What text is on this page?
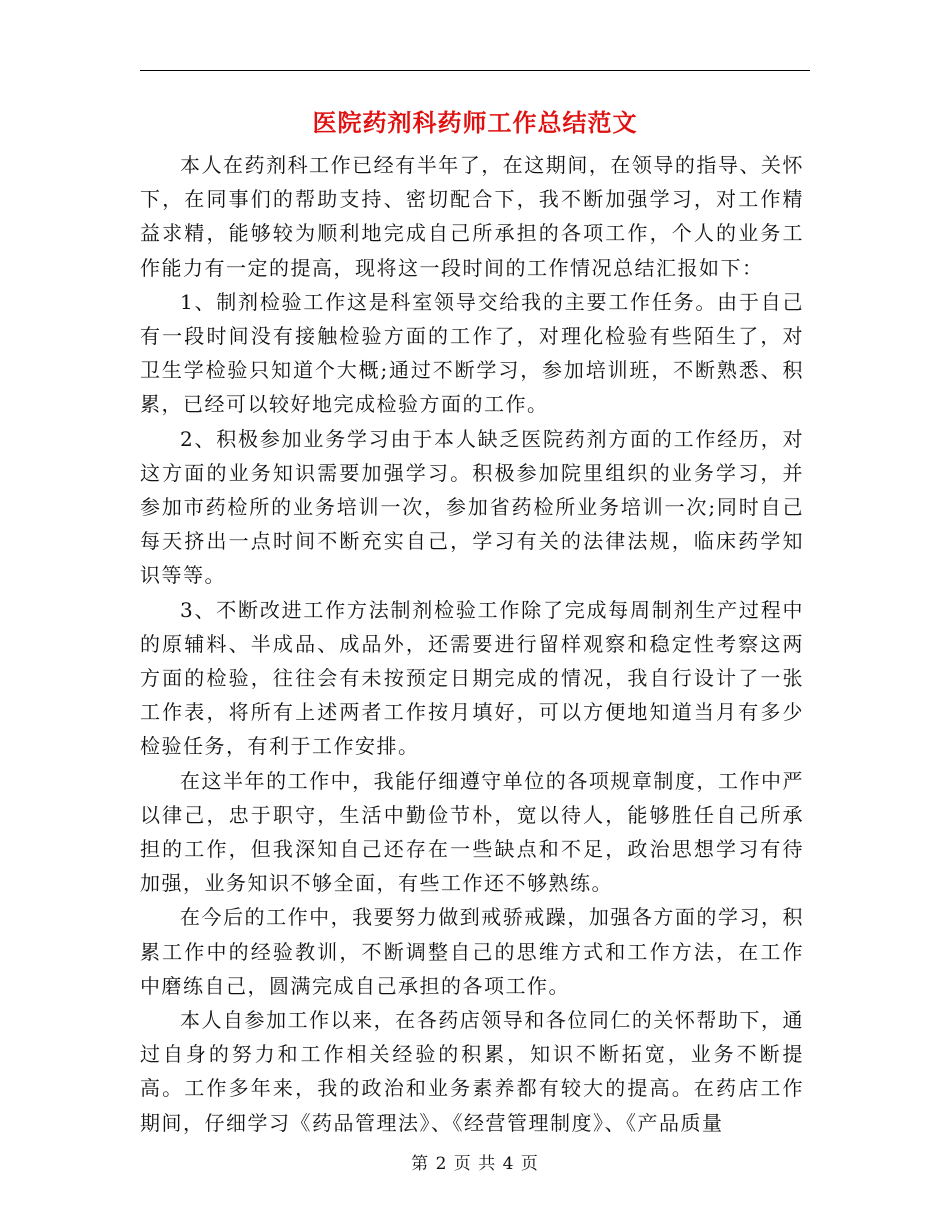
医院药剂科药师工作总结范文

本人在药剂科工作已经有半年了，在这期间，在领导的指导、关怀下，在同事们的帮助支持、密切配合下，我不断加强学习，对工作精益求精，能够较为顺利地完成自己所承担的各项工作，个人的业务工作能力有一定的提高，现将这一段时间的工作情况总结汇报如下：

1、制剂检验工作这是科室领导交给我的主要工作任务。由于自己有一段时间没有接触检验方面的工作了，对理化检验有些陌生了，对卫生学检验只知道个大概;通过不断学习，参加培训班，不断熟悉、积累，已经可以较好地完成检验方面的工作。

2、积极参加业务学习由于本人缺乏医院药剂方面的工作经历，对这方面的业务知识需要加强学习。积极参加院里组织的业务学习，并参加市药检所的业务培训一次，参加省药检所业务培训一次;同时自己每天挤出一点时间不断充实自己，学习有关的法律法规，临床药学知识等等。

3、不断改进工作方法制剂检验工作除了完成每周制剂生产过程中的原辅料、半成品、成品外，还需要进行留样观察和稳定性考察这两方面的检验，往往会有未按预定日期完成的情况，我自行设计了一张工作表，将所有上述两者工作按月填好，可以方便地知道当月有多少检验任务，有利于工作安排。

在这半年的工作中，我能仔细遵守单位的各项规章制度，工作中严以律己，忠于职守，生活中勤俭节朴，宽以待人，能够胜任自己所承担的工作，但我深知自己还存在一些缺点和不足，政治思想学习有待加强，业务知识不够全面，有些工作还不够熟练。

在今后的工作中，我要努力做到戒骄戒躁，加强各方面的学习，积累工作中的经验教训，不断调整自己的思维方式和工作方法，在工作中磨练自己，圆满完成自己承担的各项工作。

本人自参加工作以来，在各药店领导和各位同仁的关怀帮助下，通过自身的努力和工作相关经验的积累，知识不断拓宽，业务不断提高。工作多年来，我的政治和业务素养都有较大的提高。在药店工作期间，仔细学习《药品管理法》、《经营管理制度》、《产品质量

第 2 页 共 4 页
